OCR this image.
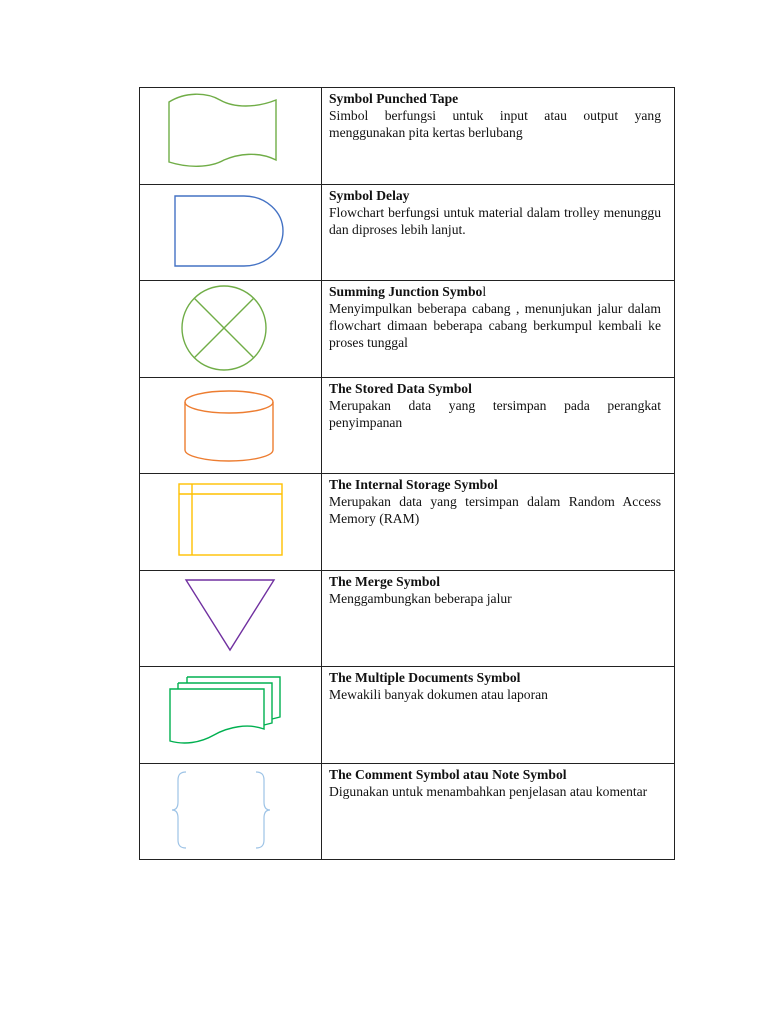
Symbol Punched Tape
Simbol berfungsi untuk input atau output yang menggunakan pita kertas berlubang

Symbol Delay
Flowchart berfungsi untuk material dalam trolley menunggu dan diproses lebih lanjut.

Summing Junction Symbol
Menyimpulkan beberapa cabang , menunjukan jalur dalam flowchart dimaan beberapa cabang berkumpul kembali ke proses tunggal

The Stored Data Symbol
Merupakan data yang tersimpan pada perangkat penyimpanan

The Internal Storage Symbol
Merupakan data yang tersimpan dalam Random Access Memory (RAM)

The Merge Symbol
Menggambungkan beberapa jalur

The Multiple Documents Symbol
Mewakili banyak dokumen atau laporan

The Comment Symbol atau Note Symbol
Digunakan untuk menambahkan penjelasan atau komentar
